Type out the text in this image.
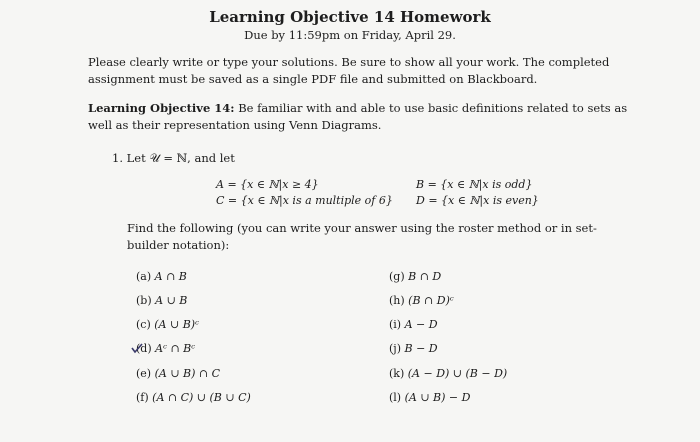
Learning Objective 14 Homework
Due by 11:59pm on Friday, April 29.
Please clearly write or type your solutions. Be sure to show all your work. The completed assignment must be saved as a single PDF file and submitted on Blackboard.
Learning Objective 14: Be familiar with and able to use basic definitions related to sets as well as their representation using Venn Diagrams.
1. Let 𝒰 = ℕ, and let
A = {x ∈ ℕ|x ≥ 4}
C = {x ∈ ℕ|x is a multiple of 6}
B = {x ∈ ℕ|x is odd}
D = {x ∈ ℕ|x is even}
Find the following (you can write your answer using the roster method or in set-builder notation):
(a) A ∩ B
(b) A ∪ B
(c) (A ∪ B)ᶜ
(d) Aᶜ ∩ Bᶜ
(e) (A ∪ B) ∩ C
(f) (A ∩ C) ∪ (B ∪ C)
(g) B ∩ D
(h) (B ∩ D)ᶜ
(i) A − D
(j) B − D
(k) (A − D) ∪ (B − D)
(l) (A ∪ B) − D
